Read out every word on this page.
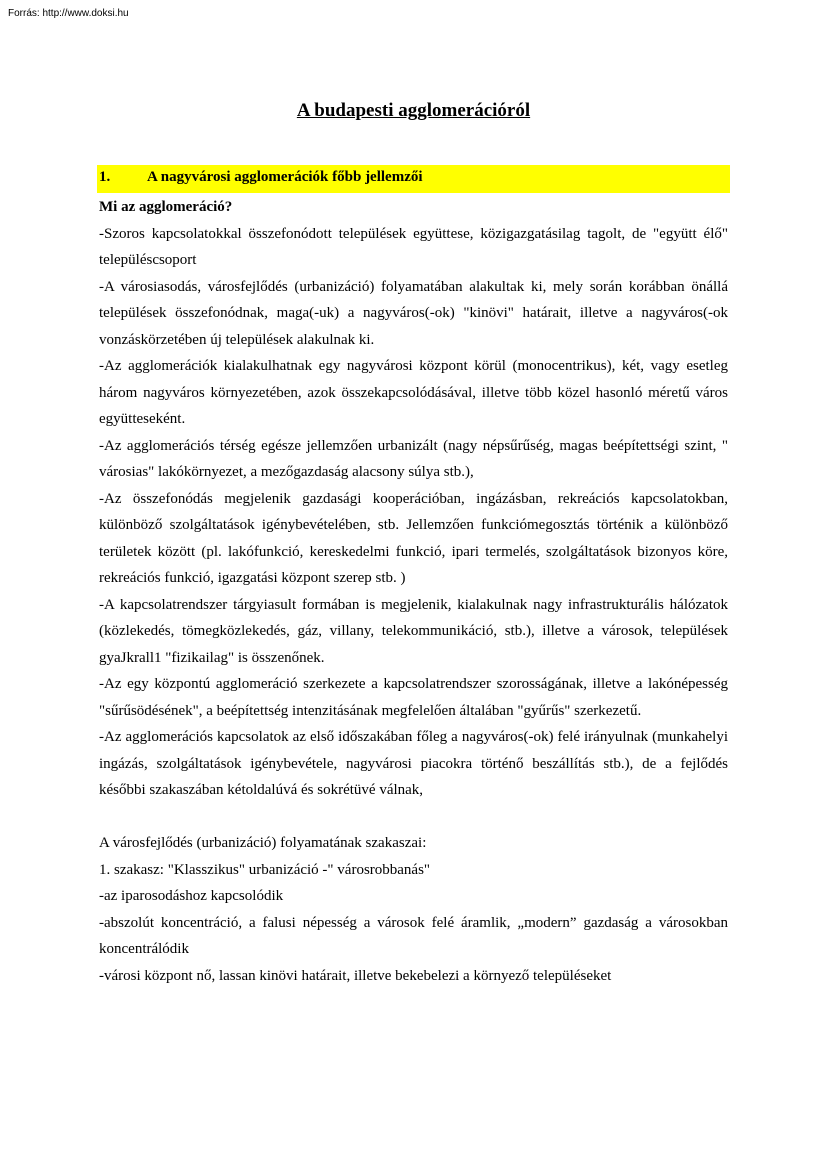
Forrás: http://www.doksi.hu
A budapesti agglomerációról
1. A nagyvárosi agglomerációk főbb jellemzői

Mi az agglomeráció?

-Szoros kapcsolatokkal összefonódott települések együttese, közigazgatásilag tagolt, de "együtt élő" településcsoport

-A városiasodás, városfejlődés (urbanizáció) folyamatában alakultak ki, mely során korábban önállá települések összefonódnak, maga(-uk) a nagyváros(-ok) "kinövi" határait, illetve a nagyváros(-ok vonzáskörzetében új települések alakulnak ki.

-Az agglomerációk kialakulhatnak egy nagyvárosi központ körül (monocentrikus), két, vagy esetleg három nagyváros környezetében, azok összekapcsolódásával, illetve több közel hasonló méretű város együtteseként.

-Az agglomerációs térség egésze jellemzően urbanizált (nagy népsűrűség, magas beépítettségi szint, " városias" lakókörnyezet, a mezőgazdaság alacsony súlya stb.),

-Az összefonódás megjelenik gazdasági kooperációban, ingázásban, rekreációs kapcsolatokban, különböző szolgáltatások igénybevételében, stb. Jellemzően funkciómegosztás történik a különböző területek között (pl. lakófunkció, kereskedelmi funkció, ipari termelés, szolgáltatások bizonyos köre, rekreációs funkció, igazgatási központ szerep stb. )

-A kapcsolatrendszer tárgyiasult formában is megjelenik, kialakulnak nagy infrastrukturális hálózatok (közlekedés, tömegközlekedés, gáz, villany, telekommunikáció, stb.), illetve a városok, települések gyaJkrall1 "fizikailag" is összenőnek.

-Az egy központú agglomeráció szerkezete a kapcsolatrendszer szorosságának, illetve a lakónépesség "sűrűsödésének", a beépítettség intenzitásának megfelelően általában "gyűrűs" szerkezetű.

-Az agglomerációs kapcsolatok az első időszakában főleg a nagyváros(-ok) felé irányulnak (munkahelyi ingázás, szolgáltatások igénybevétele, nagyvárosi piacokra történő beszállítás stb.), de a fejlődés későbbi szakaszában kétoldalúvá és sokrétüvé válnak,

A városfejlődés (urbanizáció) folyamatának szakaszai:

1. szakasz: "Klasszikus" urbanizáció -" városrobbanás"

-az iparosodáshoz kapcsolódik

-abszolút koncentráció, a falusi népesség a városok felé áramlik, „modern” gazdaság a városokban koncentrálódik

-városi központ nő, lassan kinövi határait, illetve bekebelezi a környező településeket
